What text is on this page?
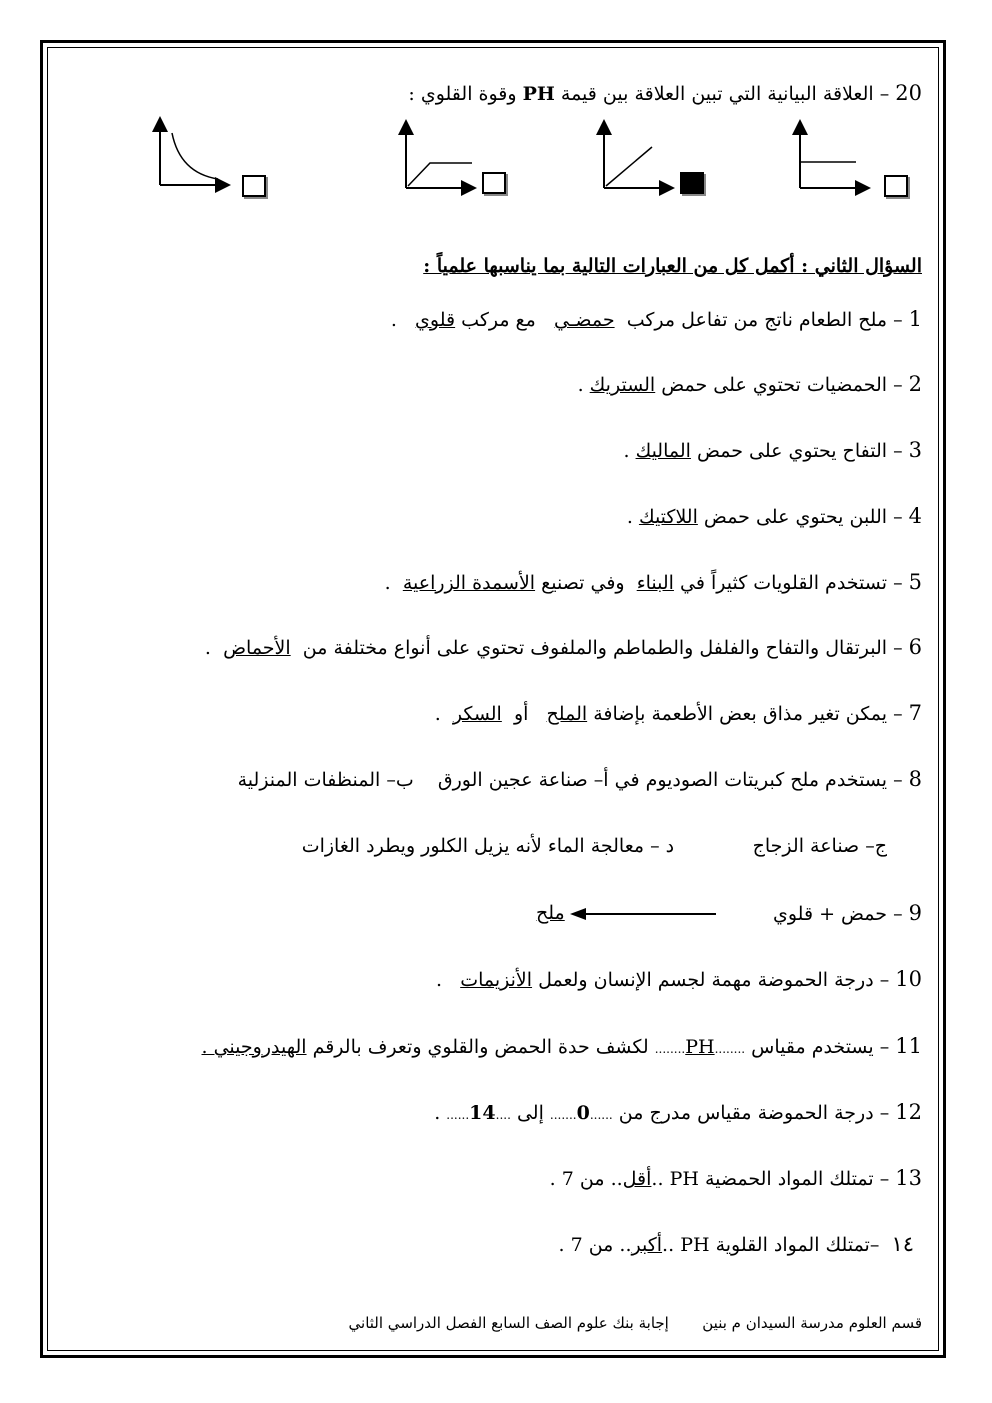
20 – العلاقة البيانية التي تبين العلاقة بين قيمة PH وقوة القلوي :
السؤال الثاني : أكمل كل من العبارات التالية بما يناسبها علمياً :
1 – ملح الطعام ناتج من تفاعل مركب  حمضـي   مع مركب قلوي   .
2 – الحمضيات تحتوي على حمض الستريك .
3 – التفاح يحتوي على حمض الماليك .
4 – اللبن يحتوي على حمض اللاكتيك .
5 – تستخدم القلويات كثيراً في البناء  وفي تصنيع الأسمدة الزراعية  .
6 – البرتقال والتفاح والفلفل والطماطم والملفوف تحتوي على أنواع مختلفة من  الأحماض  .
7 – يمكن تغير مذاق بعض الأطعمة بإضافة الملح   أو  السكر  .
8 – يستخدم ملح كبريتات الصوديوم في أ– صناعة عجين الورق    ب– المنظفات المنزلية
ج– صناعة الزجاج             د – معالجة الماء لأنه يزيل الكلور ويطرد الغازات
9 – حمض + قلوي
ملح
10 – درجة الحموضة مهمة لجسم الإنسان ولعمل الأنزيمات   .
11 – يستخدم مقياس ........PH........ لكشف حدة الحمض والقلوي وتعرف بالرقم الهيدروجيني .
12 – درجة الحموضة مقياس مدرج من ......0....... إلى ....14...... .
13 – تمتلك المواد الحمضية PH ..أقل.. من 7 .
١٤  –تمتلك المواد القلوية PH ..أكبر.. من 7 .
قسم العلوم مدرسة السيدان م بنين       إجابة بنك علوم الصف السابع الفصل الدراسي الثاني
